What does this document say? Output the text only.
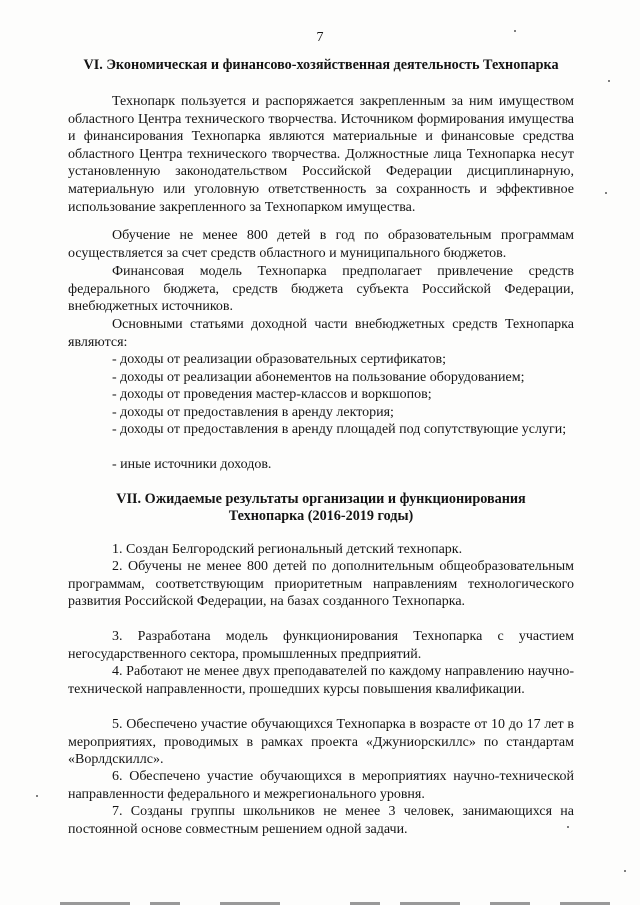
7
VI. Экономическая и финансово-хозяйственная деятельность Технопарка

Технопарк пользуется и распоряжается закрепленным за ним имуществом областного Центра технического творчества. Источником формирования имущества и финансирования Технопарка являются материальные и финансовые средства областного Центра технического творчества. Должностные лица Технопарка несут установленную законодательством Российской Федерации дисциплинарную, материальную или уголовную ответственность за сохранность и эффективное использование закрепленного за Технопарком имущества.

Обучение не менее 800 детей в год по образовательным программам осуществляется за счет средств областного и муниципального бюджетов.

Финансовая модель Технопарка предполагает привлечение средств федерального бюджета, средств бюджета субъекта Российской Федерации, внебюджетных источников.

Основными статьями доходной части внебюджетных средств Технопарка являются:

- доходы от реализации образовательных сертификатов;

- доходы от реализации абонементов на пользование оборудованием;

- доходы от проведения мастер-классов и воркшопов;

- доходы от предоставления в аренду лектория;

- доходы от предоставления в аренду площадей под сопутствующие услуги;

- иные источники доходов.

VII. Ожидаемые результаты организации и функционирования
Технопарка (2016-2019 годы)

1. Создан Белгородский региональный детский технопарк.

2. Обучены не менее 800 детей по дополнительным общеобразовательным программам, соответствующим приоритетным направлениям технологического развития Российской Федерации, на базах созданного Технопарка.

3. Разработана модель функционирования Технопарка с участием негосударственного сектора, промышленных предприятий.

4. Работают не менее двух преподавателей по каждому направлению научно-технической направленности, прошедших курсы повышения квалификации.

5. Обеспечено участие обучающихся Технопарка в возрасте от 10 до 17 лет в мероприятиях, проводимых в рамках проекта «Джуниорскиллс» по стандартам «Ворлдскиллс».

6. Обеспечено участие обучающихся в мероприятиях научно-технической направленности федерального и межрегионального уровня.

7. Созданы группы школьников не менее 3 человек, занимающихся на постоянной основе совместным решением одной задачи.
